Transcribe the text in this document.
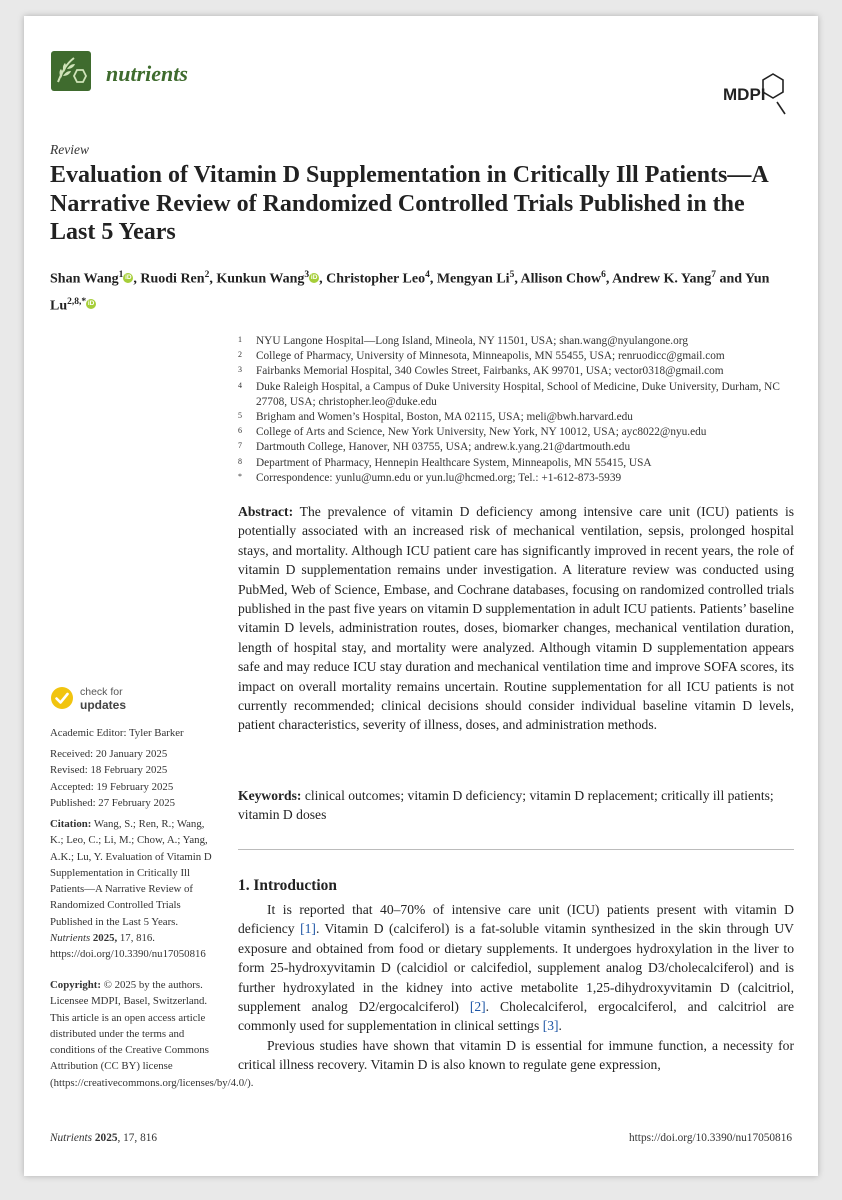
nutrients
MDPI
Review
Evaluation of Vitamin D Supplementation in Critically Ill Patients—A Narrative Review of Randomized Controlled Trials Published in the Last 5 Years
Shan Wang$^1$ iD , Ruodi Ren$^2$, Kunkun Wang$^3$ iD , Christopher Leo$^4$, Mengyan Li$^5$, Allison Chow$^6$, Andrew K. Yang$^7$ and Yun $Lu^{2,8,*}$ iD
1	NYU Langone Hospital—Long Island, Mineola, NY 11501, USA; shan.wang@nyulangone.org
2	College of Pharmacy, University of Minnesota, Minneapolis, MN 55455, USA; renruodicc@gmail.com
3	Fairbanks Memorial Hospital, 340 Cowles Street, Fairbanks, AK 99701, USA; vector0318@gmail.com
4	Duke Raleigh Hospital, a Campus of Duke University Hospital, School of Medicine, Duke University, Durham, NC 27708, USA; christopher.leo@duke.edu
5	Brigham and Women’s Hospital, Boston, MA 02115, USA; meli@bwh.harvard.edu
6	College of Arts and Science, New York University, New York, NY 10012, USA; ayc8022@nyu.edu
7	Dartmouth College, Hanover, NH 03755, USA; andrew.k.yang.21@dartmouth.edu
8	Department of Pharmacy, Hennepin Healthcare System, Minneapolis, MN 55415, USA
*	Correspondence: yunlu@umn.edu or yun.lu@hcmed.org; Tel.: +1-612-873-5939
Abstract: The prevalence of vitamin D deficiency among intensive care unit (ICU) patients is potentially associated with an increased risk of mechanical ventilation, sepsis, prolonged hospital stays, and mortality. Although ICU patient care has significantly improved in recent years, the role of vitamin D supplementation remains under investigation. A literature review was conducted using PubMed, Web of Science, Embase, and Cochrane databases, focusing on randomized controlled trials published in the past five years on vitamin D supplementation in adult ICU patients. Patients’ baseline vitamin D levels, administration routes, doses, biomarker changes, mechanical ventilation duration, length of hospital stay, and mortality were analyzed. Although vitamin D supplementation appears safe and may reduce ICU stay duration and mechanical ventilation time and improve SOFA scores, its impact on overall mortality remains uncertain. Routine supplementation for all ICU patients is not currently recommended; clinical decisions should consider individual baseline vitamin D levels, patient characteristics, severity of illness, doses, and administration methods.
Keywords: clinical outcomes; vitamin D deficiency; vitamin D replacement; critically ill patients; vitamin D doses
check for
updates
Academic Editor: Tyler Barker
Received: 20 January 2025
Revised: 18 February 2025
Accepted: 19 February 2025
Published: 27 February 2025
Citation: Wang, S.; Ren, R.; Wang, K.; Leo, C.; Li, M.; Chow, A.; Yang, A.K.; Lu, Y. Evaluation of Vitamin D Supplementation in Critically Ill Patients—A Narrative Review of Randomized Controlled Trials Published in the Last 5 Years. Nutrients 2025, 17, 816. https://doi.org/10.3390/nu17050816
Copyright: © 2025 by the authors. Licensee MDPI, Basel, Switzerland. This article is an open access article distributed under the terms and conditions of the Creative Commons Attribution (CC BY) license (https://creativecommons.org/licenses/by/4.0/).
1. Introduction

It is reported that 40–70% of intensive care unit (ICU) patients present with vitamin D deficiency [1]. Vitamin D (calciferol) is a fat-soluble vitamin synthesized in the skin through UV exposure and obtained from food or dietary supplements. It undergoes hydroxylation in the liver to form 25-hydroxyvitamin D (calcidiol or calcifediol, supplement analog D3/cholecalciferol) and is further hydroxylated in the kidney into active metabolite 1,25-dihydroxyvitamin D (calcitriol, supplement analog D2/ergocalciferol) [2]. Cholecalciferol, ergocalciferol, and calcitriol are commonly used for supplementation in clinical settings [3].

Previous studies have shown that vitamin D is essential for immune function, a necessity for critical illness recovery. Vitamin D is also known to regulate gene expression,

Nutrients 2025, 17, 816	https://doi.org/10.3390/nu17050816
